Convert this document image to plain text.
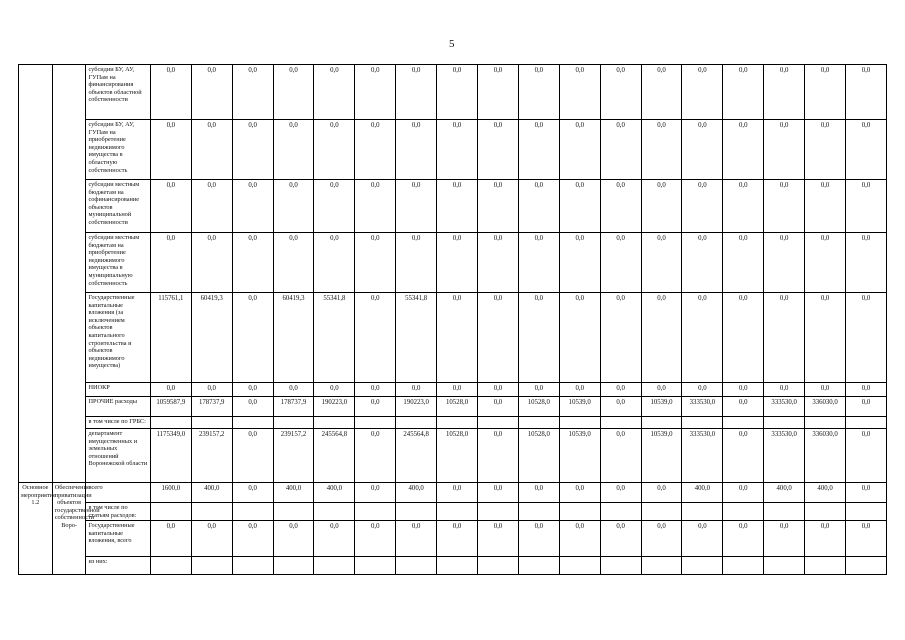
5
		субсидии БУ, АУ, ГУПам на финансирования объектов областной собственности	0,0	0,0	0,0	0,0	0,0	0,0	0,0	0,0	0,0	0,0	0,0	0,0	0,0	0,0	0,0	0,0	0,0	0,0
		субсидии БУ, АУ, ГУПам на приобретение недвижимого имущества в областную собственность	0,0	0,0	0,0	0,0	0,0	0,0	0,0	0,0	0,0	0,0	0,0	0,0	0,0	0,0	0,0	0,0	0,0	0,0
		субсидии местным бюджетам на софинансирование объектов муниципальной собственности	0,0	0,0	0,0	0,0	0,0	0,0	0,0	0,0	0,0	0,0	0,0	0,0	0,0	0,0	0,0	0,0	0,0	0,0
		субсидии местным бюджетам на приобретение недвижимого имущества в муниципальную собственность	0,0	0,0	0,0	0,0	0,0	0,0	0,0	0,0	0,0	0,0	0,0	0,0	0,0	0,0	0,0	0,0	0,0	0,0
		Государственные капитальные вложения (за исключением объектов капитального строительства и объектов недвижимого имущества)	115761,1	60419,3	0,0	60419,3	55341,8	0,0	55341,8	0,0	0,0	0,0	0,0	0,0	0,0	0,0	0,0	0,0	0,0	0,0
		НИОКР	0,0	0,0	0,0	0,0	0,0	0,0	0,0	0,0	0,0	0,0	0,0	0,0	0,0	0,0	0,0	0,0	0,0	0,0
		ПРОЧИЕ расходы	1059587,9	178737,9	0,0	178737,9	190223,0	0,0	190223,0	10528,0	0,0	10528,0	10539,0	0,0	10539,0	333530,0	0,0	333530,0	336030,0	0,0
		в том числе по ГРБС:																		
		департамент имущественных и земельных отношений Воронежской области	1175349,0	239157,2	0,0	239157,2	245564,8	0,0	245564,8	10528,0	0,0	10528,0	10539,0	0,0	10539,0	333530,0	0,0	333530,0	336030,0	0,0
Основное мероприятие 1.2	Обеспечение приватизации объектов государственной собственности Воро-	всего	1600,0	400,0	0,0	400,0	400,0	0,0	400,0	0,0	0,0	0,0	0,0	0,0	0,0	400,0	0,0	400,0	400,0	0,0
		в том числе по статьям расходов:																		
		Государственные капитальные вложения, всего	0,0	0,0	0,0	0,0	0,0	0,0	0,0	0,0	0,0	0,0	0,0	0,0	0,0	0,0	0,0	0,0	0,0	0,0
		из них:																		
